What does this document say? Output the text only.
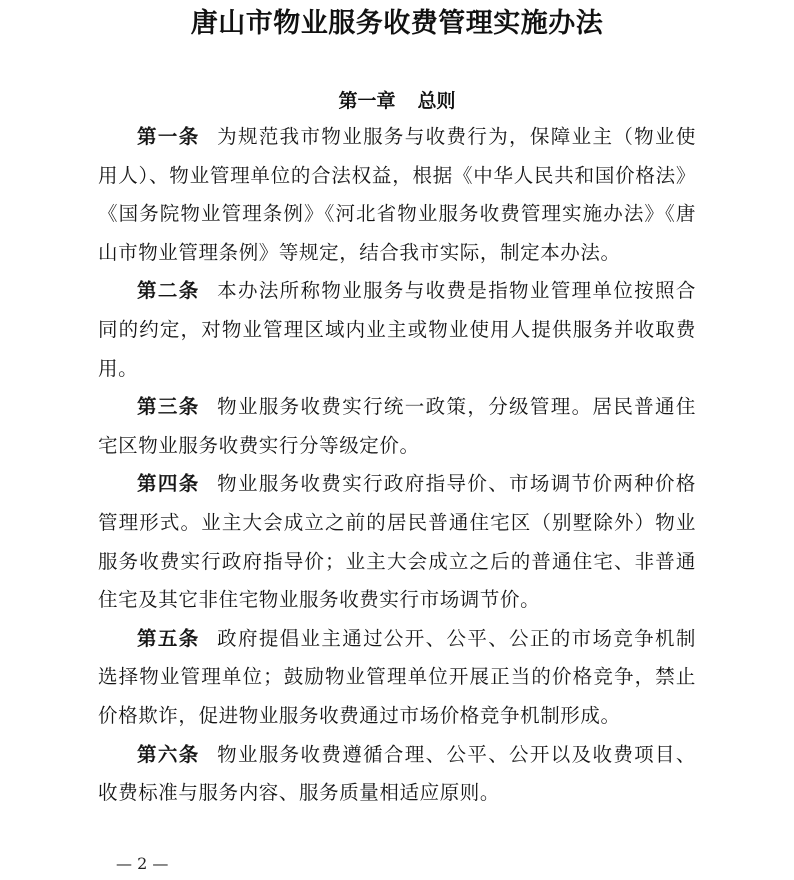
唐山市物业服务收费管理实施办法
第一章 总则

第一条 为规范我市物业服务与收费行为，保障业主（物业使用人）、物业管理单位的合法权益，根据《中华人民共和国价格法》《国务院物业管理条例》《河北省物业服务收费管理实施办法》《唐山市物业管理条例》等规定，结合我市实际，制定本办法。

第二条 本办法所称物业服务与收费是指物业管理单位按照合同的约定，对物业管理区域内业主或物业使用人提供服务并收取费用。

第三条 物业服务收费实行统一政策，分级管理。居民普通住宅区物业服务收费实行分等级定价。

第四条 物业服务收费实行政府指导价、市场调节价两种价格管理形式。业主大会成立之前的居民普通住宅区（别墅除外）物业服务收费实行政府指导价；业主大会成立之后的普通住宅、非普通住宅及其它非住宅物业服务收费实行市场调节价。

第五条 政府提倡业主通过公开、公平、公正的市场竞争机制选择物业管理单位；鼓励物业管理单位开展正当的价格竞争，禁止价格欺诈，促进物业服务收费通过市场价格竞争机制形成。

第六条 物业服务收费遵循合理、公平、公开以及收费项目、收费标准与服务内容、服务质量相适应原则。

— 2 —
